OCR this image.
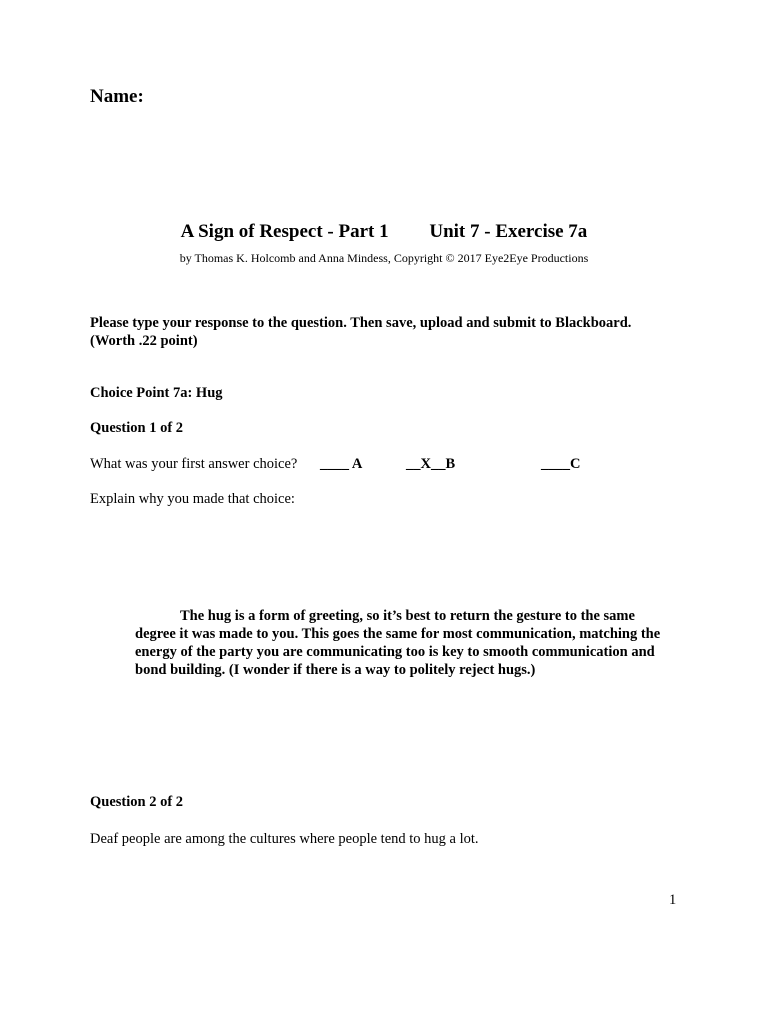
Name:
A Sign of Respect - Part 1 Unit 7 - Exercise 7a
by Thomas K. Holcomb and Anna Mindess, Copyright © 2017 Eye2Eye Productions
Please type your response to the question. Then save, upload and submit to Blackboard.
(Worth .22 point)
Choice Point 7a: Hug
Question 1 of 2
What was your first answer choice? ____ A	__X__B	____C
Explain why you made that choice:
The hug is a form of greeting, so it’s best to return the gesture to the same degree it was made to you. This goes the same for most communication, matching the energy of the party you are communicating too is key to smooth communication and bond building. (I wonder if there is a way to politely reject hugs.)
Question 2 of 2
Deaf people are among the cultures where people tend to hug a lot.
1
